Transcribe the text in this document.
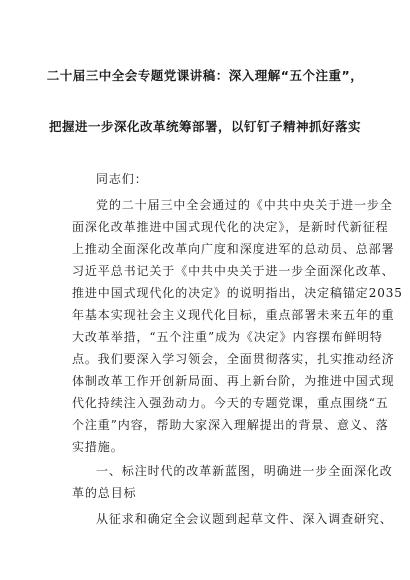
二十届三中全会专题党课讲稿：深入理解“五个注重”，
把握进一步深化改革统筹部署，以钉钉子精神抓好落实
同志们：
党的二十届三中全会通过的《中共中央关于进一步全
面深化改革推进中国式现代化的决定》，是新时代新征程
上推动全面深化改革向广度和深度进军的总动员、总部署
习近平总书记关于《中共中央关于进一步全面深化改革、
推进中国式现代化的决定》的说明指出，决定稿锚定2035
年基本实现社会主义现代化目标，重点部署未来五年的重
大改革举措，“五个注重”成为《决定》内容摆布鲜明特
点。我们要深入学习领会，全面贯彻落实，扎实推动经济
体制改革工作开创新局面、再上新台阶，为推进中国式现
代化持续注入强劲动力。今天的专题党课，重点围绕“五
个注重”内容，帮助大家深入理解提出的背景、意义、落
实措施。
一、标注时代的改革新蓝图，明确进一步全面深化改
革的总目标
从征求和确定全会议题到起草文件、深入调查研究、
